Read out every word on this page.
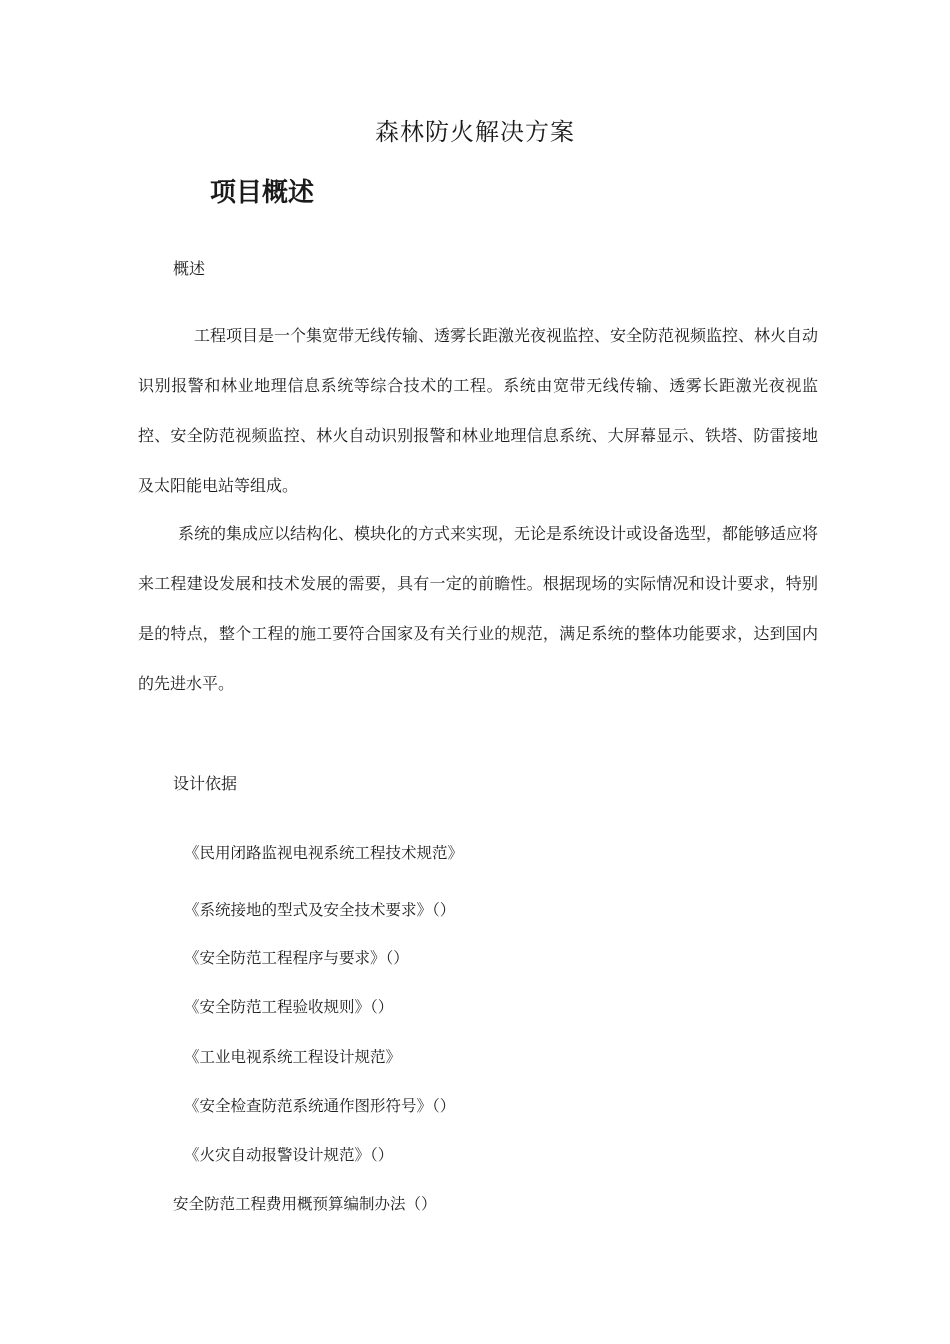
森林防火解决方案
项目概述
概述

工程项目是一个集宽带无线传输、透雾长距激光夜视监控、安全防范视频监控、林火自动识别报警和林业地理信息系统等综合技术的工程。系统由宽带无线传输、透雾长距激光夜视监控、安全防范视频监控、林火自动识别报警和林业地理信息系统、大屏幕显示、铁塔、防雷接地及太阳能电站等组成。

系统的集成应以结构化、模块化的方式来实现，无论是系统设计或设备选型，都能够适应将来工程建设发展和技术发展的需要，具有一定的前瞻性。根据现场的实际情况和设计要求，特别是的特点，整个工程的施工要符合国家及有关行业的规范，满足系统的整体功能要求，达到国内的先进水平。

设计依据
《民用闭路监视电视系统工程技术规范》
《系统接地的型式及安全技术要求》（）
《安全防范工程程序与要求》（）
《安全防范工程验收规则》（）
《工业电视系统工程设计规范》
《安全检查防范系统通作图形符号》（）
《火灾自动报警设计规范》（）
安全防范工程费用概预算编制办法（）
